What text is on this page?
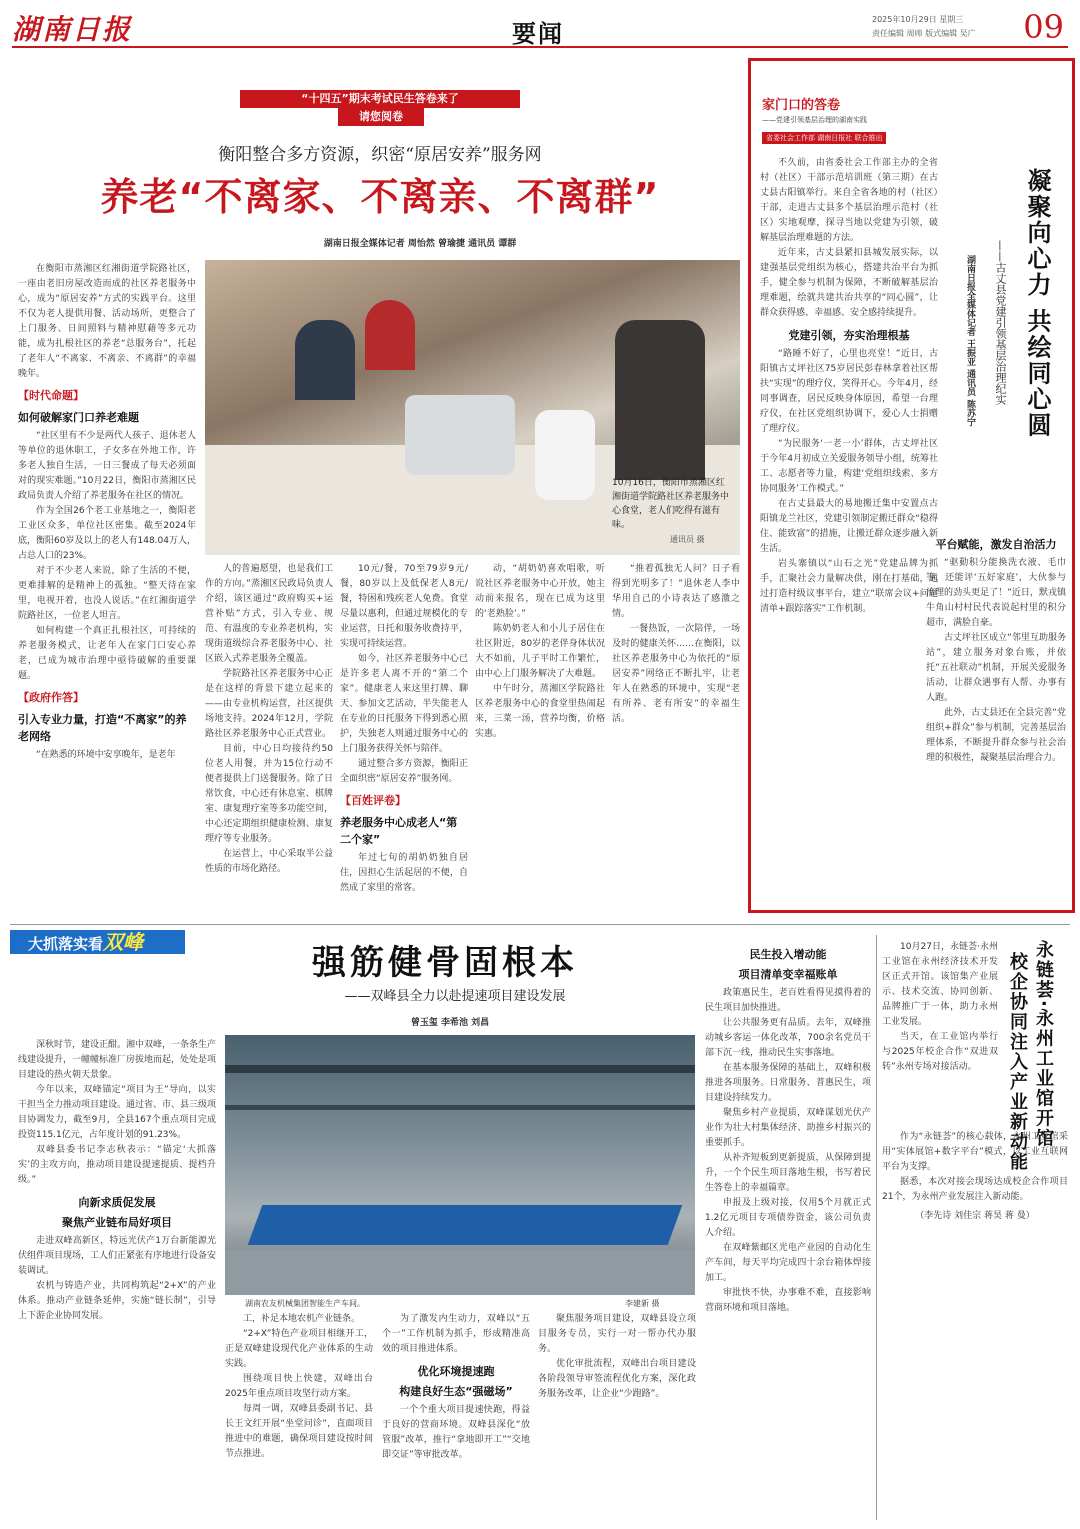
湖南日报	要闻	2025年10月29日 星期三
责任编辑 周帅 版式编辑 吴广 09
“十四五”期末考试民生答卷来了
请您阅卷
衡阳整合多方资源，织密“原居安养”服务网
养老“不离家、不离亲、不离群”
湖南日报全媒体记者 周怡然 曾瑜捷 通讯员 谭群
10月16日，衡阳市蒸湘区红湘街道学院路社区养老服务中心食堂，老人们吃得有滋有味。
通讯员 摄

在衡阳市蒸湘区红湘街道学院路社区，一座由老旧房屋改造而成的社区养老服务中心，成为“原居安养”方式的实践平台。这里不仅为老人提供用餐、活动场所，更整合了上门服务、日间照料与精神慰藉等多元功能，成为扎根社区的养老“总服务台”，托起了老年人“不离家、不离亲、不离群”的幸福晚年。

【时代命题】
如何破解家门口养老难题

“社区里有不少是两代人孩子、退休老人等单位的退休职工，子女多在外地工作，许多老人独自生活，一日三餐成了每天必须面对的现实难题。”10月22日，衡阳市蒸湘区民政局负责人介绍了养老服务在社区的情况。

作为全国26个老工业基地之一，衡阳老工业区众多，单位社区密集。截至2024年底，衡阳60岁及以上的老人有148.04万人，占总人口的23%。

对于不少老人来说，除了生活的不便，更难排解的是精神上的孤独。“整天待在家里，电视开着，也没人说话。”在红湘街道学院路社区，一位老人坦言。

如何构建一个真正扎根社区，可持续的养老服务模式，让老年人在家门口安心养老，已成为城市治理中亟待破解的重要课题。

【政府作答】
引入专业力量，打造“不离家”的养老网络

“在熟悉的环境中安享晚年，是老年

人的普遍愿望，也是我们工作的方向。”蒸湘区民政局负责人介绍，该区通过“政府购买+运营补贴”方式，引入专业、规范、有温度的专业养老机构，实现街道级综合养老服务中心、社区嵌入式养老服务全覆盖。

学院路社区养老服务中心正是在这样的背景下建立起来的——由专业机构运营，社区提供场地支持。2024年12月，学院路社区养老服务中心正式营业。

目前，中心日均接待约50位老人用餐，并为15位行动不便者提供上门送餐服务。除了日常饮食，中心还有休息室、棋牌室、康复理疗室等多功能空间，中心还定期组织健康检测、康复理疗等专业服务。

在运营上，中心采取半公益性质的市场化路径。

10元/餐，70至79岁9元/餐，80岁以上及低保老人8元/餐，特困和残疾老人免费。食堂尽量以惠利，但通过规模化的专业运营，日托和服务收费持平，实现可持续运营。

如今，社区养老服务中心已是许多老人离不开的“第二个家”。健康老人来这里打牌、聊天、参加文艺活动，半失能老人在专业的日托服务下得到悉心照护，失独老人则通过服务中心的上门服务获得关怀与陪伴。

通过整合多方资源，衡阳正全面织密“原居安养”服务网。

【百姓评卷】
养老服务中心成老人“第二个家”

年过七旬的胡奶奶独自居住，因担心生活起居的不便，自然成了家里的常客。

动，“胡奶奶喜欢唱歌，听说社区养老服务中心开放，她主动前来报名，现在已成为这里的‘老熟脸’。”

陈奶奶老人和小儿子居住在社区附近，80岁的老伴身体状况大不如前，儿子平时工作繁忙，由中心上门服务解决了大难题。

中午时分，蒸湘区学院路社区养老服务中心的食堂里热闹起来，三菜一汤，营养均衡，价格实惠。

“推着孤独无人问？日子看得到光明多了！”退休老人李中华用自己的小诗表达了感激之情。

一餐热饭，一次陪伴，一场及时的健康关怀……在衡阳，以社区养老服务中心为依托的“原居安养”网络正不断扎牢，让老年人在熟悉的环境中，实现“老有所养、老有所安”的幸福生活。

家门口的答卷
——党建引领基层治理的湖南实践
省委社会工作部 湖南日报社 联合推出
凝聚向心力 共绘同心圆
——古丈县党建引领基层治理纪实
湖南日报全媒体记者 王振亚 通讯员 陈苏宁

不久前，由省委社会工作部主办的全省村（社区）干部示范培训班（第三期）在古丈县古阳镇举行。来自全省各地的村（社区）干部，走进古丈县多个基层治理示范村（社区）实地观摩，探寻当地以党建为引领，破解基层治理难题的方法。

近年来，古丈县紧扣县城发展实际，以建强基层党组织为核心，搭建共治平台为抓手，健全参与机制为保障，不断破解基层治理难题，绘就共建共治共享的“同心圆”，让群众获得感、幸福感、安全感持续提升。

党建引领，夯实治理根基

“路睡不好了，心里也亮堂！”近日，古阳镇古丈坪社区75岁居民彭春林拿着社区帮扶“实现”的理疗仪，笑得开心。今年4月，经同事调查，居民反映身体原因，希望一台理疗仪，在社区党组织协调下，爱心人士捐赠了理疗仪。

“为民服务‘一老一小’群体，古丈坪社区于今年4月初成立关爱服务领导小组，统筹社工、志愿者等力量，构建‘党组织线索、多方协同服务’工作模式。”

在古丈县最大的易地搬迁集中安置点古阳镇龙兰社区，党建引领制定搬迁群众“稳得住、能致富”的措施，让搬迁群众逐步融入新生活。

岩头寨镇以“山石之光”党建品牌为抓手，汇聚社会力量解决供，刚在打基础，通过打造村级议事平台，建立“联席会议+问题清单+跟踪落实”工作机制。

平台赋能，激发自治活力

“驱動积分能换洗衣液、毛巾等，还能评‘五好家庭’，大伙参与治理的劲头更足了！”近日，默戎镇牛角山村村民代表说起村里的积分超市，满脸自豪。

古丈坪社区成立“邻里互助服务站”，建立服务对象台账，并依托“五社联动”机制，开展关爱服务活动，让群众遇事有人帮、办事有人跑。

此外，古丈县还在全县完善“党组织+群众”参与机制，完善基层治理体系，不断提升群众参与社会治理的积极性，凝聚基层治理合力。

大抓落实看双峰
强筋健骨固根本
——双峰县全力以赴提速项目建设发展
曾玉玺 李希池 刘昌
湖南农友机械集团智能生产车间。	李建新 摄

深秋时节，建设正酣。湘中双峰，一条条生产线建设提升，一幢幢标准厂房拔地而起，处处是项目建设的热火朝天景象。

今年以来，双峰锚定“项目为王”导向，以实干担当全力推动项目建设。通过省、市、县三级项目协调发力，截至9月，全县167个重点项目完成投资115.1亿元，占年度计划的91.23%。

双峰县委书记李志秋表示：“锚定‘大抓落实’的主攻方向，推动项目建设提速提质、提档升级。”

向新求质促发展
聚焦产业链布局好项目

走进双峰高新区，特远光伏产1万台新能源光伏组件项目现场，工人们正紧张有序地进行设备安装调试。

农机与铸造产业，共同构筑起“2+X”的产业体系。推动产业链条延伸，实施“链长制”，引导上下游企业协同发展。	工，补足本地农机产业链条。

“2+X”特色产业项目相继开工，正是双峰建设现代化产业体系的生动实践。

围绕项目快上快建，双峰出台2025年重点项目攻坚行动方案。

每周一调，双峰县委副书记、县长王文红开展“坐堂问诊”，直面项目推进中的难题，确保项目建设按时间节点推进。

为了激发内生动力，双峰以“五个一”工作机制为抓手，形成精准高效的项目推进体系。

优化环境提速跑
构建良好生态“强磁场”

一个个重大项目提速快跑，得益于良好的营商环境。双峰县深化“放管服”改革，推行“拿地即开工”“交地即交证”等审批改革。

聚焦服务项目建设，双峰县设立项目服务专员，实行一对一帮办代办服务。

优化审批流程，双峰出台项目建设各阶段领导审签流程优化方案，深化政务服务改革，让企业“少跑路”。

民生投入增动能
项目清单变幸福账单

政策惠民生，老百姓看得见摸得着的民生项目加快推进。

让公共服务更有品质。去年，双峰推动城乡客运一体化改革，700余名党员干部下沉一线，推动民生实事落地。

在基本服务保障的基础上，双峰积极推进各项服务。日常服务、普惠民生，项目建设持续发力。

聚焦乡村产业提质，双峰谋划光伏产业作为壮大村集体经济、助推乡村振兴的重要抓手。

从补齐短板到更新提质，从保障到提升，一个个民生项目落地生根，书写着民生答卷上的幸福篇章。

申报及上级对接，仅用5个月就正式1.2亿元项目专项债券资金，该公司负责人介绍。

在双峰紫邮区光电产业园的自动化生产车间，每天平均完成四十余台箱体焊接加工。

审批快不快，办事难不难，直接影响营商环境和项目落地。

永链荟·永州工业馆开馆
校企协同注入产业新动能

10月27日，永链荟·永州工业馆在永州经济技术开发区正式开馆。该馆集产业展示、技术交流、协同创新、品牌推广于一体，助力永州工业发展。

当天，在工业馆内举行与2025年校企合作“双进双转”永州专场对接活动。

作为“永链荟”的核心载体，永州工业馆采用“实体展馆+数字平台”模式，以工业互联网平台为支撑。

据悉，本次对接会现场达成校企合作项目21个，为永州产业发展注入新动能。

（李先诗 刘佳宗 蒋昊 蒋 曼）
